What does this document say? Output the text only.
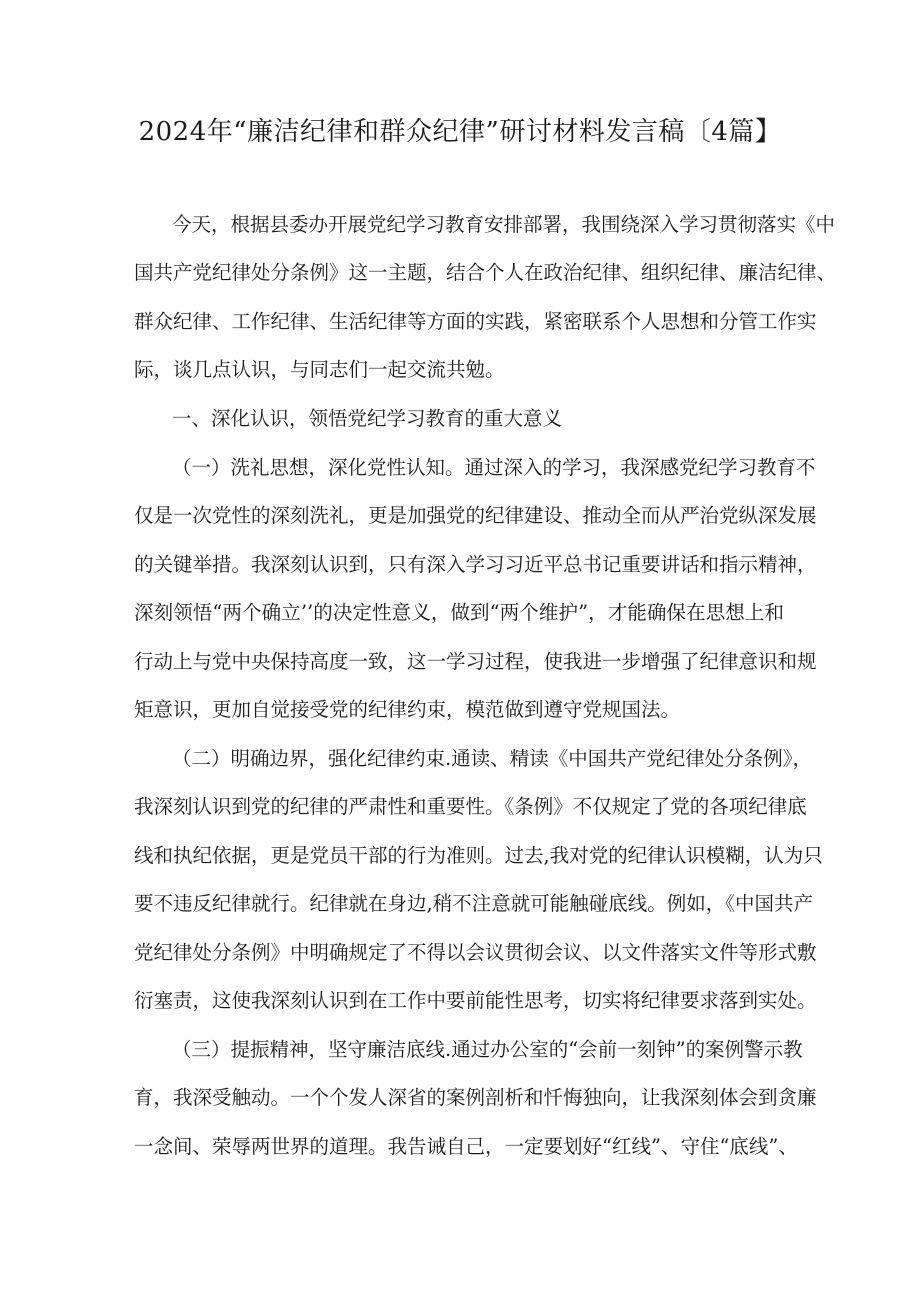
2024年“廉洁纪律和群众纪律”研讨材料发言稿〔4篇】
今天，根据县委办开展党纪学习教育安排部署，我围绕深入学习贯彻落实《中
国共产党纪律处分条例》这一主题，结合个人在政治纪律、组织纪律、廉洁纪律、
群众纪律、工作纪律、生活纪律等方面的实践，紧密联系个人思想和分管工作实
际，谈几点认识，与同志们一起交流共勉。
一、深化认识，领悟党纪学习教育的重大意义
（一）洗礼思想，深化党性认知。通过深入的学习，我深感党纪学习教育不
仅是一次党性的深刻洗礼，更是加强党的纪律建设、推动全而从严治党纵深发展
的关键举措。我深刻认识到，只有深入学习习近平总书记重要讲话和指示精神，
深刻领悟“两个确立’’的决定性意义，做到“两个维护”，才能确保在思想上和
行动上与党中央保持高度一致，这一学习过程，使我进一步增强了纪律意识和规
矩意识，更加自觉接受党的纪律约束，模范做到遵守党规国法。
（二）明确边界，强化纪律约束.通读、精读《中国共产党纪律处分条例》，
我深刻认识到党的纪律的严肃性和重要性。《条例》不仅规定了党的各项纪律底
线和执纪依据，更是党员干部的行为准则。过去,我对党的纪律认识模糊，认为只
要不违反纪律就行。纪律就在身边,稍不注意就可能触碰底线。例如，《中国共产
党纪律处分条例》中明确规定了不得以会议贯彻会议、以文件落实文件等形式敷
衍塞责，这使我深刻认识到在工作中要前能性思考，切实将纪律要求落到实处。
（三）提振精神，坚守廉洁底线.通过办公室的“会前一刻钟”的案例警示教
育，我深受触动。一个个发人深省的案例剖析和忏悔独向，让我深刻体会到贪廉
一念间、荣辱两世界的道理。我告诫自己，一定要划好“红线”、守住“底线”、
